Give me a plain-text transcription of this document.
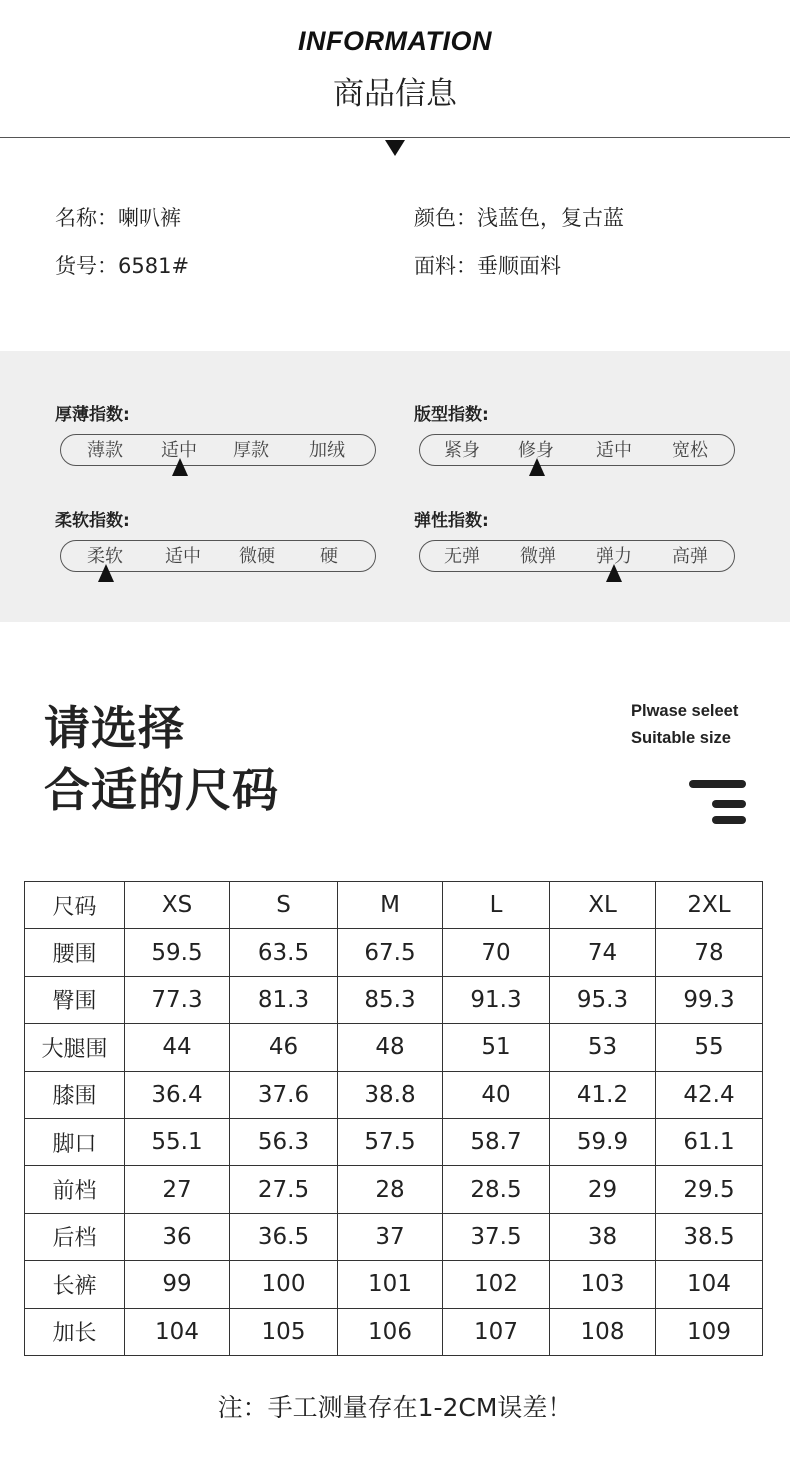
INFORMATION
商品信息
名称：喇叭裤	颜色：浅蓝色，复古蓝
货号：6581#	面料：垂顺面料
厚薄指数:
薄款	适中	厚款	加绒
版型指数:
紧身	修身	适中	宽松
柔软指数:
柔软	适中	微硬	硬
弹性指数:
无弹	微弹	弹力	高弹
请选择
合适的尺码
Plwase seleet
Suitable size
尺码	XS	S	M	L	XL	2XL
腰围	59.5	63.5	67.5	70	74	78
臀围	77.3	81.3	85.3	91.3	95.3	99.3
大腿围	44	46	48	51	53	55
膝围	36.4	37.6	38.8	40	41.2	42.4
脚口	55.1	56.3	57.5	58.7	59.9	61.1
前档	27	27.5	28	28.5	29	29.5
后档	36	36.5	37	37.5	38	38.5
长裤	99	100	101	102	103	104
加长	104	105	106	107	108	109
注：手工测量存在1-2CM误差！
